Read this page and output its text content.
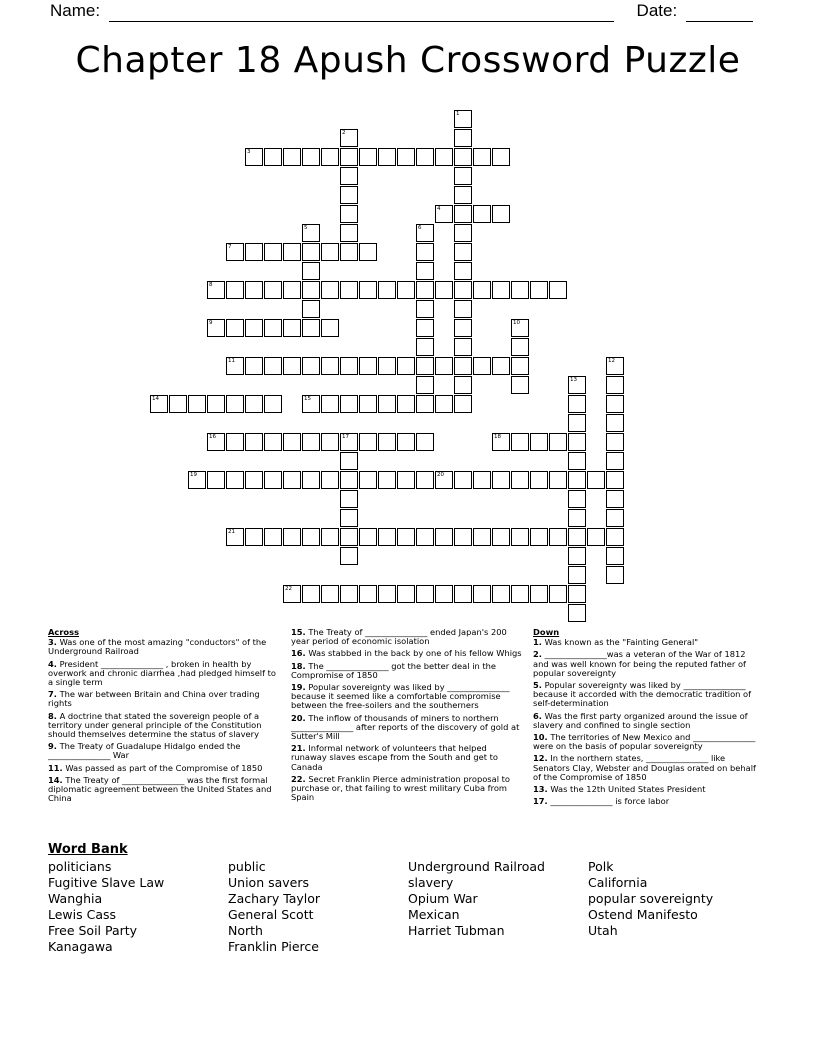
Name:	Date:
Chapter 18 Apush Crossword Puzzle
1
2
3
4
5	6
7
8
9	10
11	12
13
14	15
16	17	18
19	20
21
22
Across
3. Was one of the most amazing "conductors" of the Underground Railroad
4. President _______________ , broken in health by overwork and chronic diarrhea ,had pledged himself to a single term
7. The war between Britain and China over trading rights
8. A doctrine that stated the sovereign people of a territory under general principle of the Constitution should themselves determine the status of slavery
9. The Treaty of Guadalupe Hidalgo ended the _______________ War
11. Was passed as part of the Compromise of 1850
14. The Treaty of _______________ was the first formal diplomatic agreement between the United States and China
15. The Treaty of _______________ ended Japan's 200 year period of economic isolation
16. Was stabbed in the back by one of his fellow Whigs
18. The _______________ got the better deal in the Compromise of 1850
19. Popular sovereignty was liked by _______________ because it seemed like a comfortable compromise between the free-soilers and the southerners
20. The inflow of thousands of miners to northern _______________ after reports of the discovery of gold at Sutter's Mill
21. Informal network of volunteers that helped runaway slaves escape from the South and get to Canada
22. Secret Franklin Pierce administration proposal to purchase or, that failing to wrest military Cuba from Spain
Down
1. Was known as the "Fainting General"
2. _______________was a veteran of the War of 1812 and was well known for being the reputed father of popular sovereignty
5. Popular sovereignty was liked by _______________ because it accorded with the democratic tradition of self-determination
6. Was the first party organized around the issue of slavery and confined to single section
10. The territories of New Mexico and _______________ were on the basis of popular sovereignty
12. In the northern states, _______________ like Senators Clay, Webster and Douglas orated on behalf of the Compromise of 1850
13. Was the 12th United States President
17. _______________ is force labor
Word Bank
politicians
Fugitive Slave Law
Wanghia
Lewis Cass
Free Soil Party
Kanagawa
public
Union savers
Zachary Taylor
General Scott
North
Franklin Pierce
Underground Railroad
slavery
Opium War
Mexican
Harriet Tubman
Polk
California
popular sovereignty
Ostend Manifesto
Utah
